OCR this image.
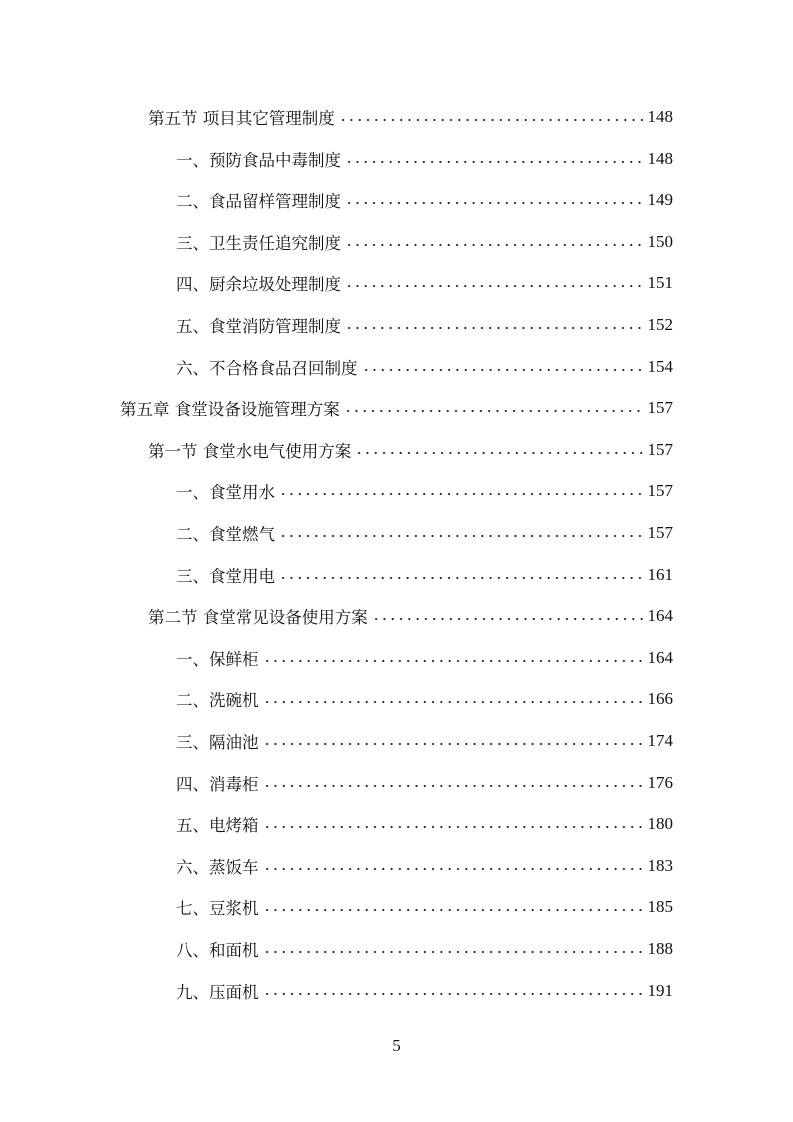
第五节 项目其它管理制度	148
一、预防食品中毒制度	148
二、食品留样管理制度	149
三、卫生责任追究制度	150
四、厨余垃圾处理制度	151
五、食堂消防管理制度	152
六、不合格食品召回制度	154
第五章 食堂设备设施管理方案	157
第一节 食堂水电气使用方案	157
一、食堂用水	157
二、食堂燃气	157
三、食堂用电	161
第二节 食堂常见设备使用方案	164
一、保鲜柜	164
二、洗碗机	166
三、隔油池	174
四、消毒柜	176
五、电烤箱	180
六、蒸饭车	183
七、豆浆机	185
八、和面机	188
九、压面机	191
5
